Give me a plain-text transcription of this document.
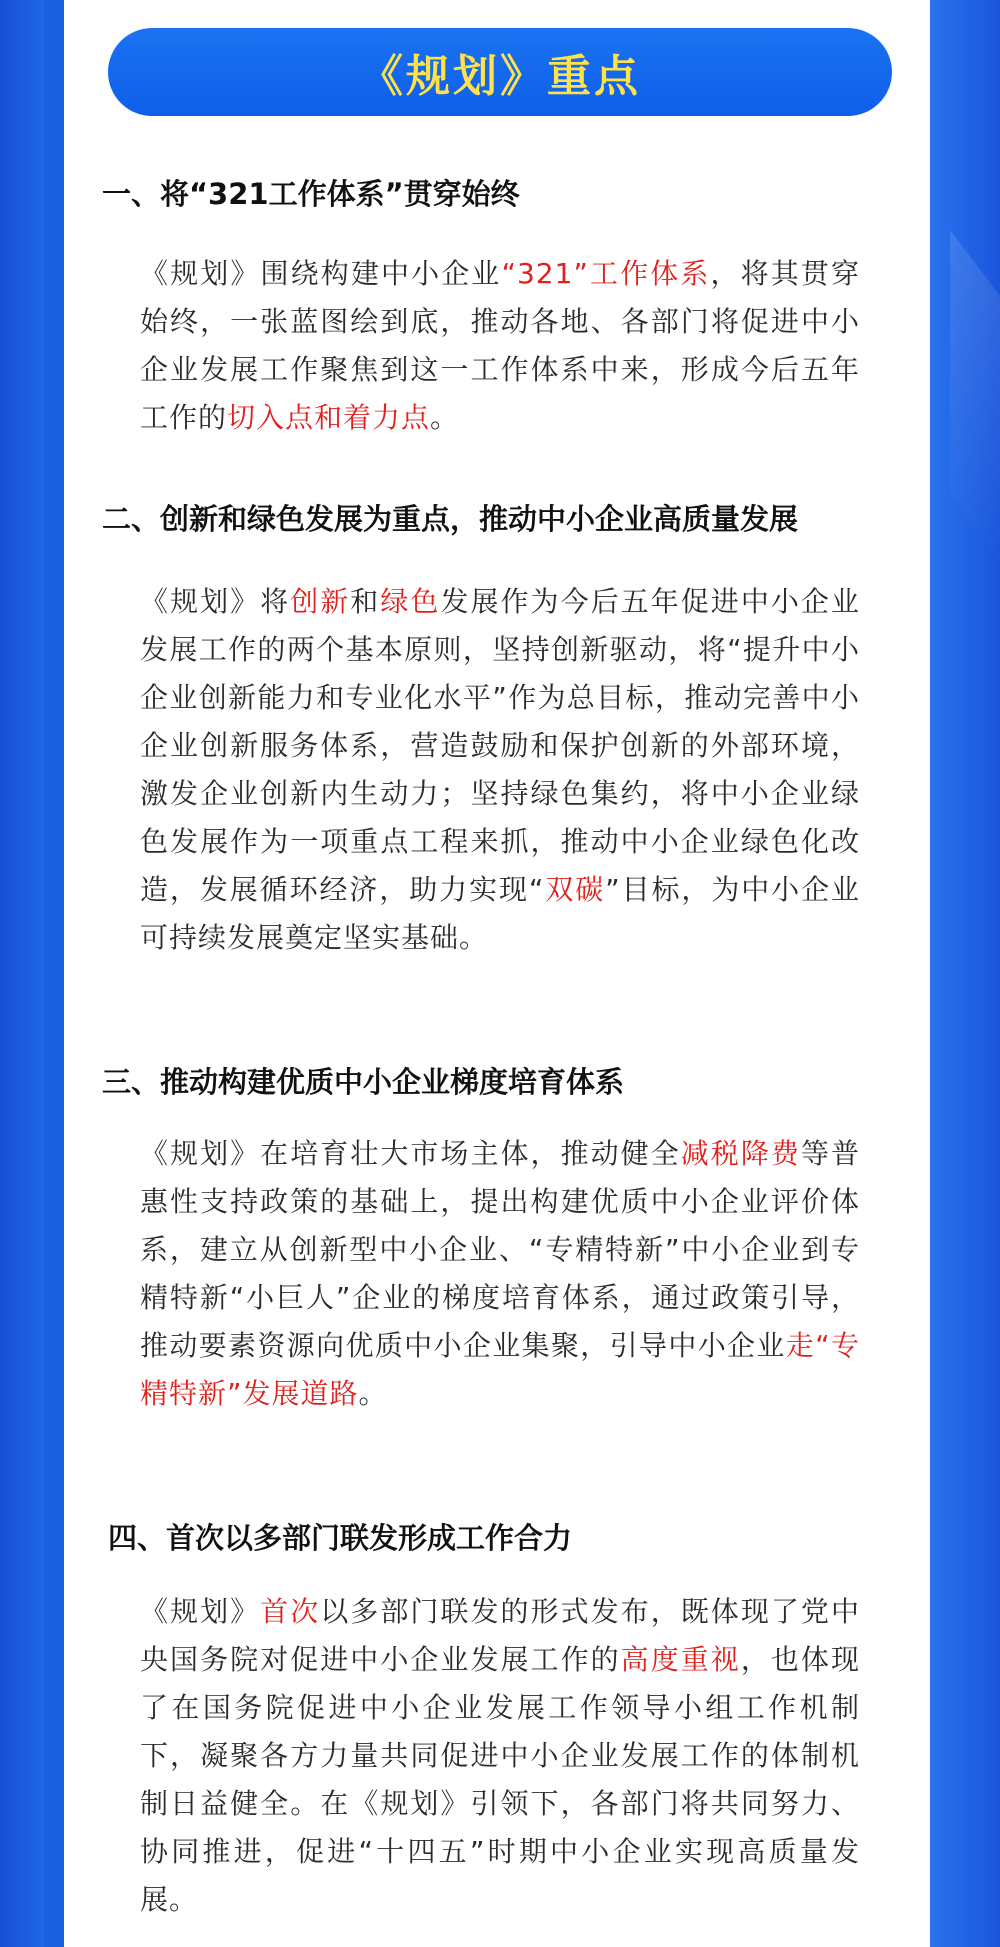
《规划》重点
一、将“321工作体系”贯穿始终
《规划》围绕构建中小企业“321”工作体系，将其贯穿始终，一张蓝图绘到底，推动各地、各部门将促进中小企业发展工作聚焦到这一工作体系中来，形成今后五年工作的切入点和着力点。
二、创新和绿色发展为重点，推动中小企业高质量发展
《规划》将创新和绿色发展作为今后五年促进中小企业发展工作的两个基本原则，坚持创新驱动，将“提升中小企业创新能力和专业化水平”作为总目标，推动完善中小企业创新服务体系，营造鼓励和保护创新的外部环境，激发企业创新内生动力；坚持绿色集约，将中小企业绿色发展作为一项重点工程来抓，推动中小企业绿色化改造，发展循环经济，助力实现“双碳”目标，为中小企业可持续发展奠定坚实基础。
三、推动构建优质中小企业梯度培育体系
《规划》在培育壮大市场主体，推动健全减税降费等普惠性支持政策的基础上，提出构建优质中小企业评价体系，建立从创新型中小企业、“专精特新”中小企业到专精特新“小巨人”企业的梯度培育体系，通过政策引导，推动要素资源向优质中小企业集聚，引导中小企业走“专精特新”发展道路。
四、首次以多部门联发形成工作合力
《规划》首次以多部门联发的形式发布，既体现了党中央国务院对促进中小企业发展工作的高度重视，也体现了在国务院促进中小企业发展工作领导小组工作机制下，凝聚各方力量共同促进中小企业发展工作的体制机制日益健全。在《规划》引领下，各部门将共同努力、协同推进，促进“十四五”时期中小企业实现高质量发展。
